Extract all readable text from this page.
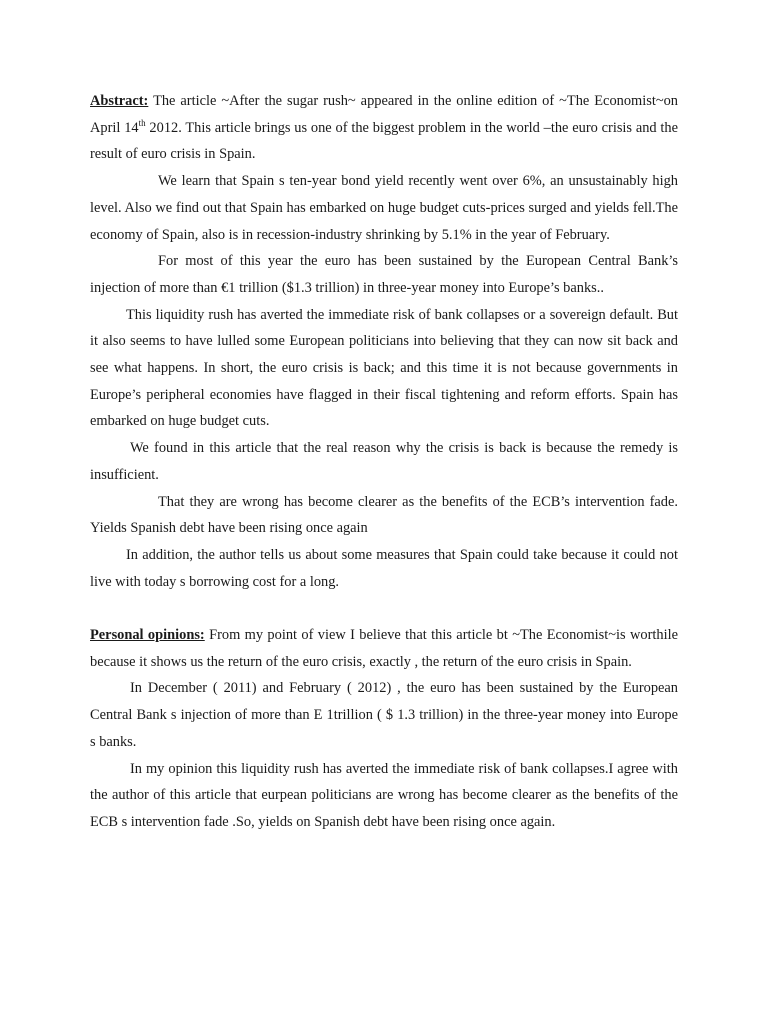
Abstract: The article ~After the sugar rush~ appeared in the online edition of ~The Economist~on April 14th 2012. This article brings us one of the biggest problem in the world –the euro crisis and the result of euro crisis in Spain.

We learn that Spain s ten-year bond yield recently went over 6%, an unsustainably high level. Also we find out that Spain has embarked on huge budget cuts-prices surged and yields fell.The economy of Spain, also is in recession-industry shrinking by 5.1% in the year of February.

For most of this year the euro has been sustained by the European Central Bank’s injection of more than €1 trillion ($1.3 trillion) in three-year money into Europe’s banks..

This liquidity rush has averted the immediate risk of bank collapses or a sovereign default. But it also seems to have lulled some European politicians into believing that they can now sit back and see what happens. In short, the euro crisis is back; and this time it is not because governments in Europe’s peripheral economies have flagged in their fiscal tightening and reform efforts. Spain has embarked on huge budget cuts.

We found in this article that the real reason why the crisis is back is because the remedy is insufficient.

That they are wrong has become clearer as the benefits of the ECB’s intervention fade. Yields Spanish debt have been rising once again

In addition, the author tells us about some measures that Spain could take because it could not live with today s borrowing cost for a long.

Personal opinions: From my point of view I believe that this article bt ~The Economist~is worthile because it shows us the return of the euro crisis, exactly , the return of the euro crisis in Spain.

In December ( 2011) and February ( 2012) , the euro has been sustained by the European Central Bank s injection of more than E 1trillion ( $ 1.3 trillion) in the three-year money into Europe s banks.

In my opinion this liquidity rush has averted the immediate risk of bank collapses.I agree with the author of this article that eurpean politicians are wrong has become clearer as the benefits of the ECB s intervention fade .So, yields on Spanish debt have been rising once again.
